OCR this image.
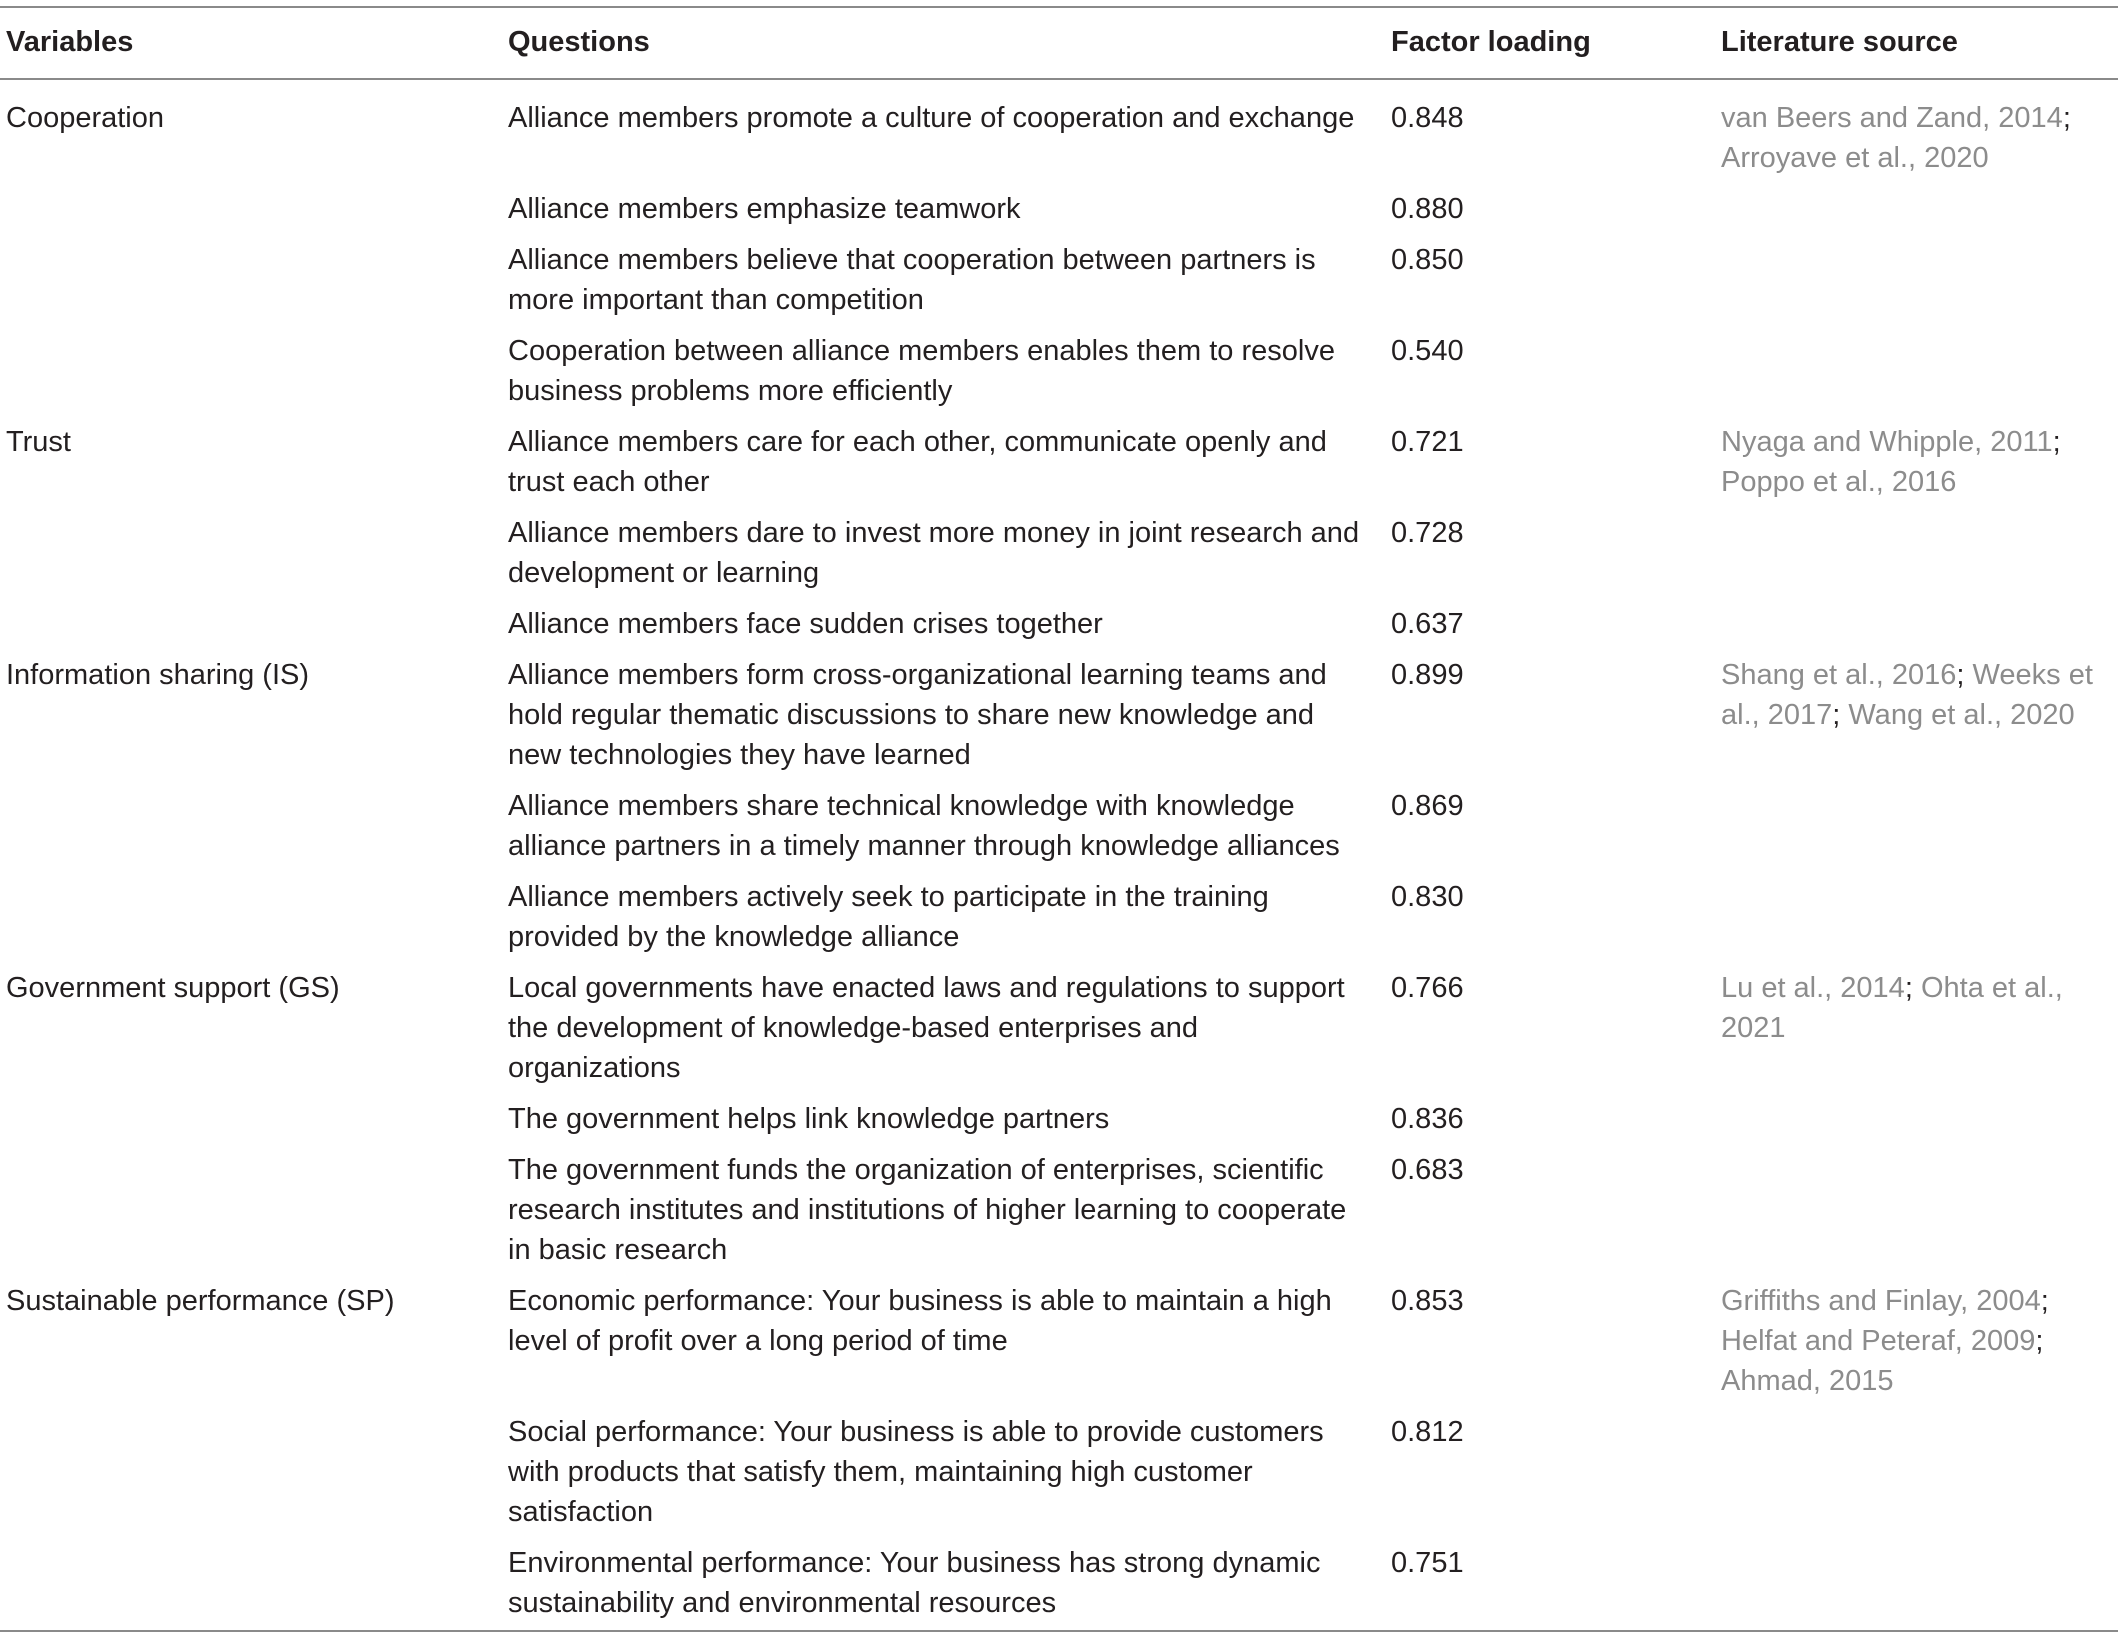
Variables	Questions	Factor loading	Literature source
Cooperation	Alliance members promote a culture of cooperation and exchange	0.848	van Beers and Zand, 2014; Arroyave et al., 2020
	Alliance members emphasize teamwork	0.880	
	Alliance members believe that cooperation between partners is more important than competition	0.850	
	Cooperation between alliance members enables them to resolve business problems more efficiently	0.540	
Trust	Alliance members care for each other, communicate openly and trust each other	0.721	Nyaga and Whipple, 2011; Poppo et al., 2016
	Alliance members dare to invest more money in joint research and development or learning	0.728	
	Alliance members face sudden crises together	0.637	
Information sharing (IS)	Alliance members form cross-organizational learning teams and hold regular thematic discussions to share new knowledge and new technologies they have learned	0.899	Shang et al., 2016; Weeks et al., 2017; Wang et al., 2020
	Alliance members share technical knowledge with knowledge alliance partners in a timely manner through knowledge alliances	0.869	
	Alliance members actively seek to participate in the training provided by the knowledge alliance	0.830	
Government support (GS)	Local governments have enacted laws and regulations to support the development of knowledge-based enterprises and organizations	0.766	Lu et al., 2014; Ohta et al., 2021
	The government helps link knowledge partners	0.836	
	The government funds the organization of enterprises, scientific research institutes and institutions of higher learning to cooperate in basic research	0.683	
Sustainable performance (SP)	Economic performance: Your business is able to maintain a high level of profit over a long period of time	0.853	Griffiths and Finlay, 2004; Helfat and Peteraf, 2009; Ahmad, 2015
	Social performance: Your business is able to provide customers with products that satisfy them, maintaining high customer satisfaction	0.812	
	Environmental performance: Your business has strong dynamic sustainability and environmental resources	0.751	
